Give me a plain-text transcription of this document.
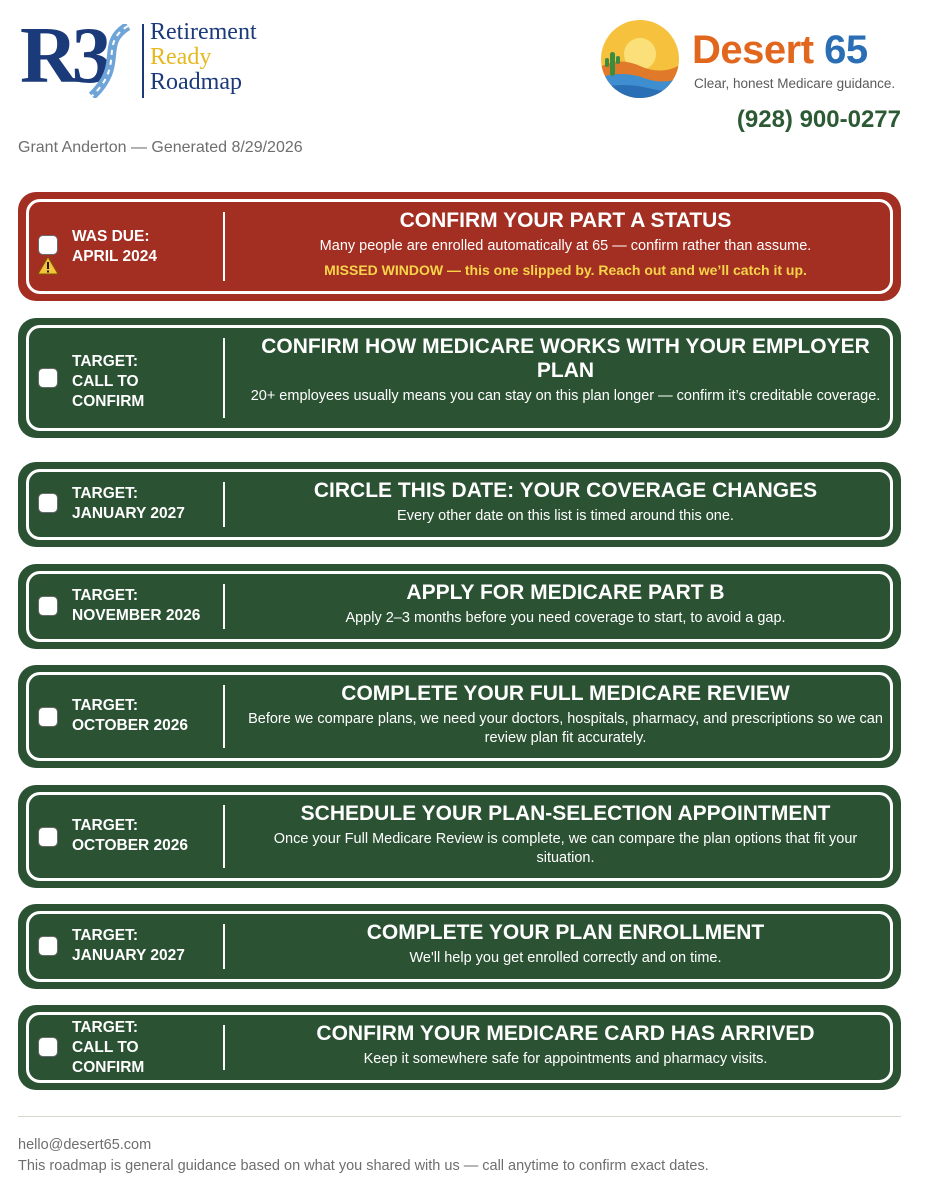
R3 Retirement
Ready
Roadmap
Desert 65
Clear, honest Medicare guidance.
(928) 900-0277
Grant Anderton — Generated 8/29/2026
WAS DUE:
APRIL 2024
CONFIRM YOUR PART A STATUS
Many people are enrolled automatically at 65 — confirm rather than assume.
MISSED WINDOW — this one slipped by. Reach out and we’ll catch it up.
TARGET:
CALL TO
CONFIRM
CONFIRM HOW MEDICARE WORKS WITH YOUR EMPLOYER PLAN
20+ employees usually means you can stay on this plan longer — confirm it’s creditable coverage.
TARGET:
JANUARY 2027
CIRCLE THIS DATE: YOUR COVERAGE CHANGES
Every other date on this list is timed around this one.
TARGET:
NOVEMBER 2026
APPLY FOR MEDICARE PART B
Apply 2–3 months before you need coverage to start, to avoid a gap.
TARGET:
OCTOBER 2026
COMPLETE YOUR FULL MEDICARE REVIEW
Before we compare plans, we need your doctors, hospitals, pharmacy, and prescriptions so we can review plan fit accurately.
TARGET:
OCTOBER 2026
SCHEDULE YOUR PLAN-SELECTION APPOINTMENT
Once your Full Medicare Review is complete, we can compare the plan options that fit your situation.
TARGET:
JANUARY 2027
COMPLETE YOUR PLAN ENROLLMENT
We'll help you get enrolled correctly and on time.
TARGET:
CALL TO
CONFIRM
CONFIRM YOUR MEDICARE CARD HAS ARRIVED
Keep it somewhere safe for appointments and pharmacy visits.
hello@desert65.com
This roadmap is general guidance based on what you shared with us — call anytime to confirm exact dates.
